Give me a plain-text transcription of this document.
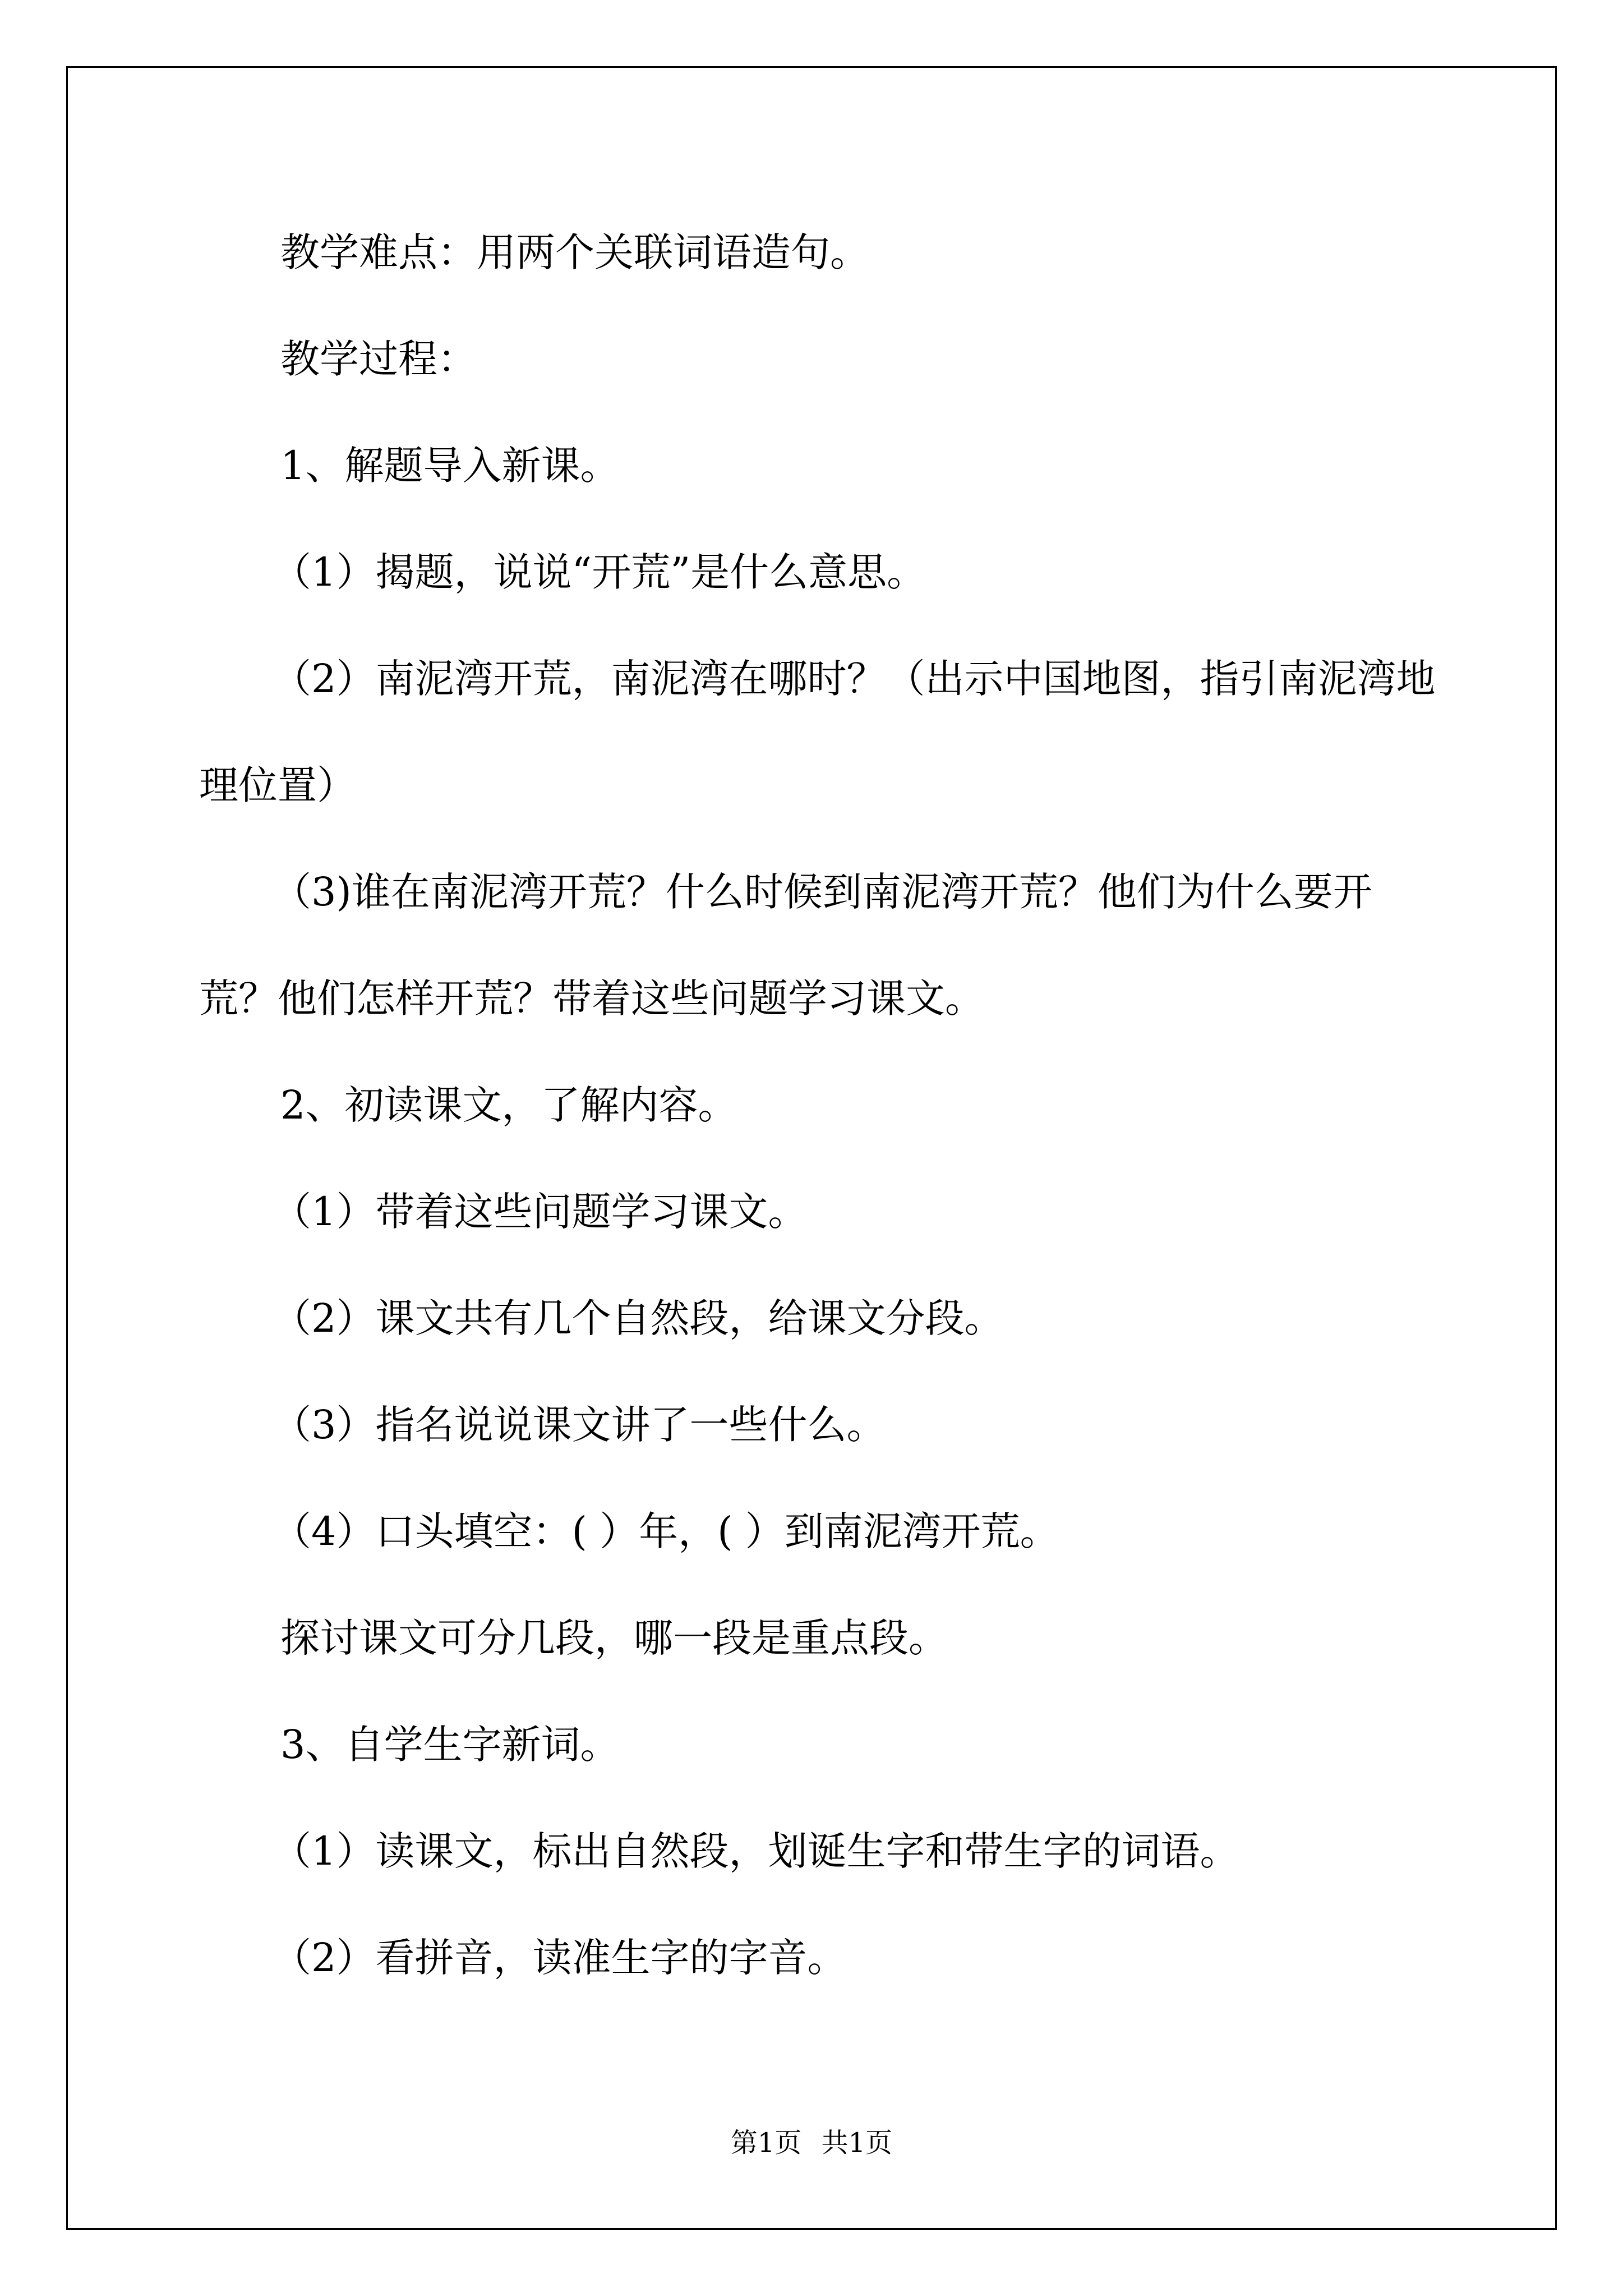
教学难点：用两个关联词语造句。

教学过程：

1、解题导入新课。

（1）揭题，说说“开荒”是什么意思。

（2）南泥湾开荒，南泥湾在哪时？（出示中国地图，指引南泥湾地理位置）

（3)谁在南泥湾开荒？什么时候到南泥湾开荒？他们为什么要开荒？他们怎样开荒？带着这些问题学习课文。

2、初读课文，了解内容。

（1）带着这些问题学习课文。

（2）课文共有几个自然段，给课文分段。

（3）指名说说课文讲了一些什么。

（4）口头填空：( ）年，( ）到南泥湾开荒。

探讨课文可分几段，哪一段是重点段。

3、自学生字新词。

（1）读课文，标出自然段，划诞生字和带生字的词语。

（2）看拼音，读准生字的字音。

第1页 共1页
